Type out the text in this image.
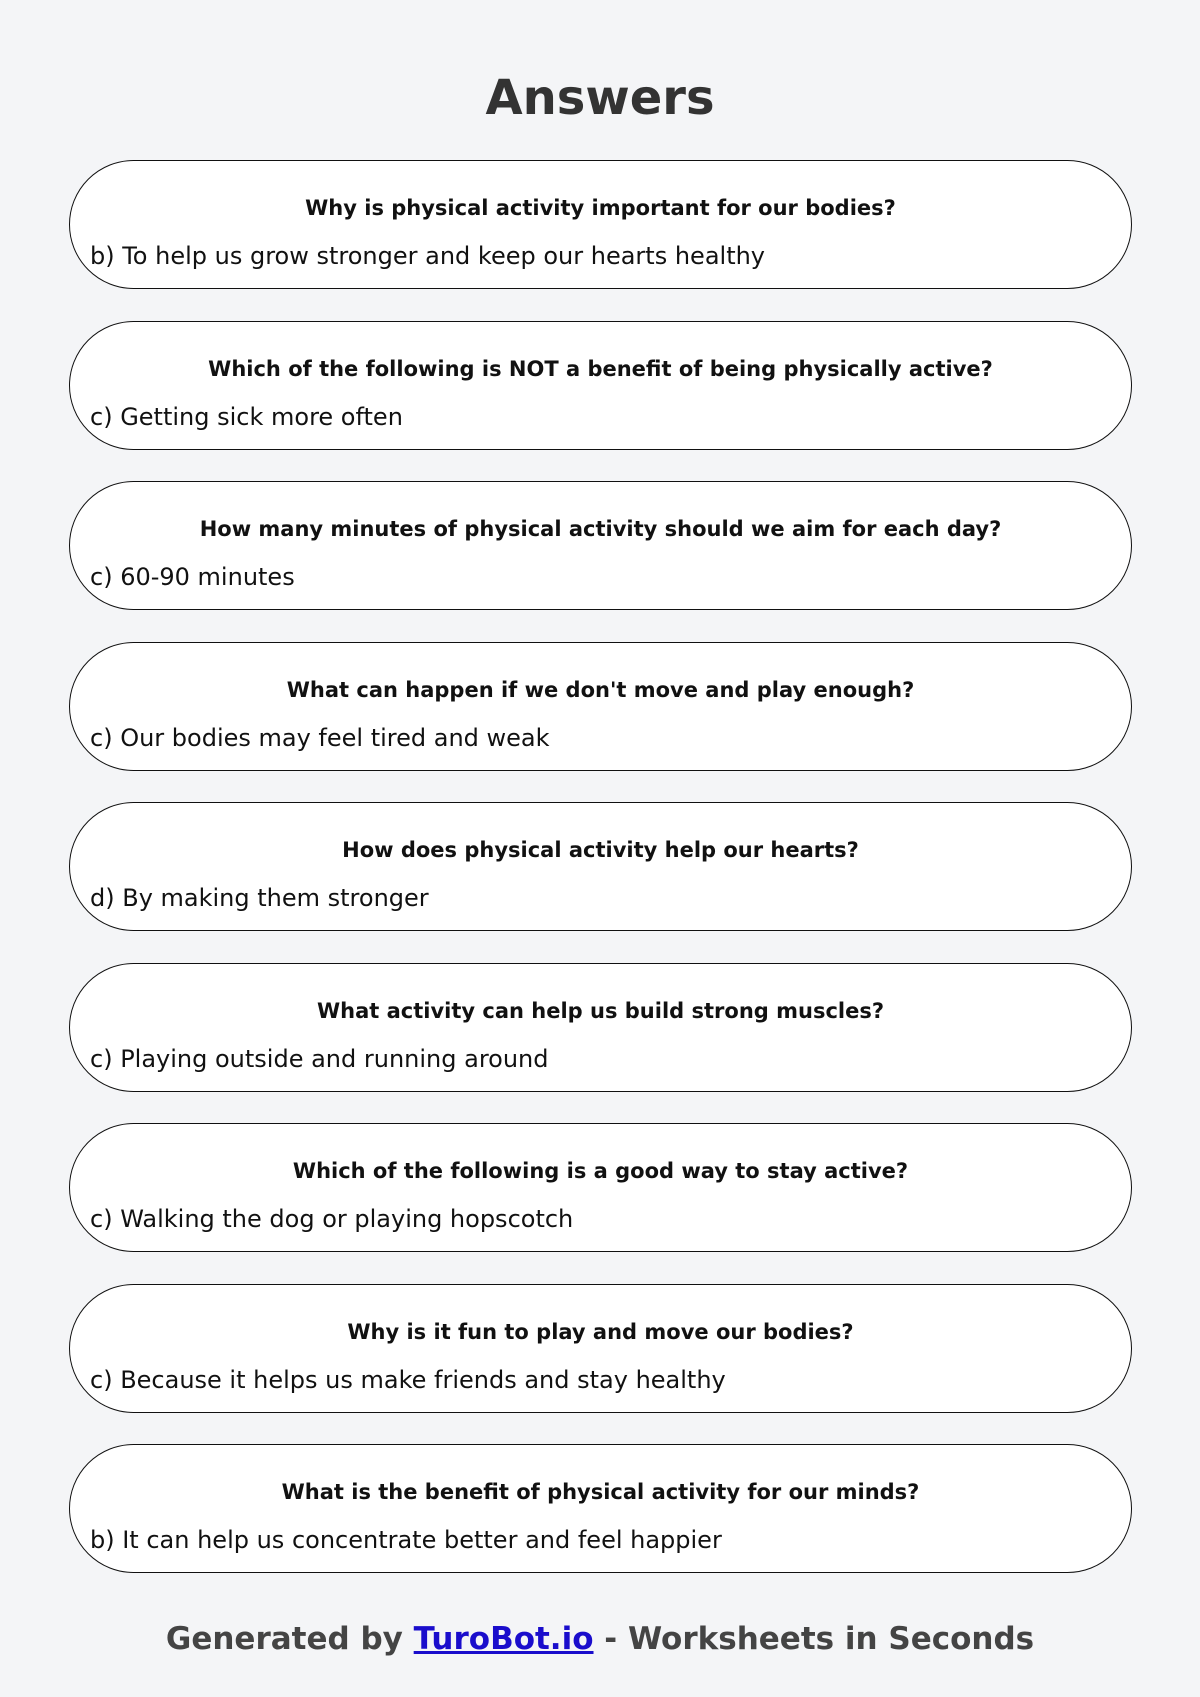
Answers
Why is physical activity important for our bodies?
b) To help us grow stronger and keep our hearts healthy
Which of the following is NOT a benefit of being physically active?
c) Getting sick more often
How many minutes of physical activity should we aim for each day?
c) 60-90 minutes
What can happen if we don't move and play enough?
c) Our bodies may feel tired and weak
How does physical activity help our hearts?
d) By making them stronger
What activity can help us build strong muscles?
c) Playing outside and running around
Which of the following is a good way to stay active?
c) Walking the dog or playing hopscotch
Why is it fun to play and move our bodies?
c) Because it helps us make friends and stay healthy
What is the benefit of physical activity for our minds?
b) It can help us concentrate better and feel happier
Generated by TuroBot.io - Worksheets in Seconds
